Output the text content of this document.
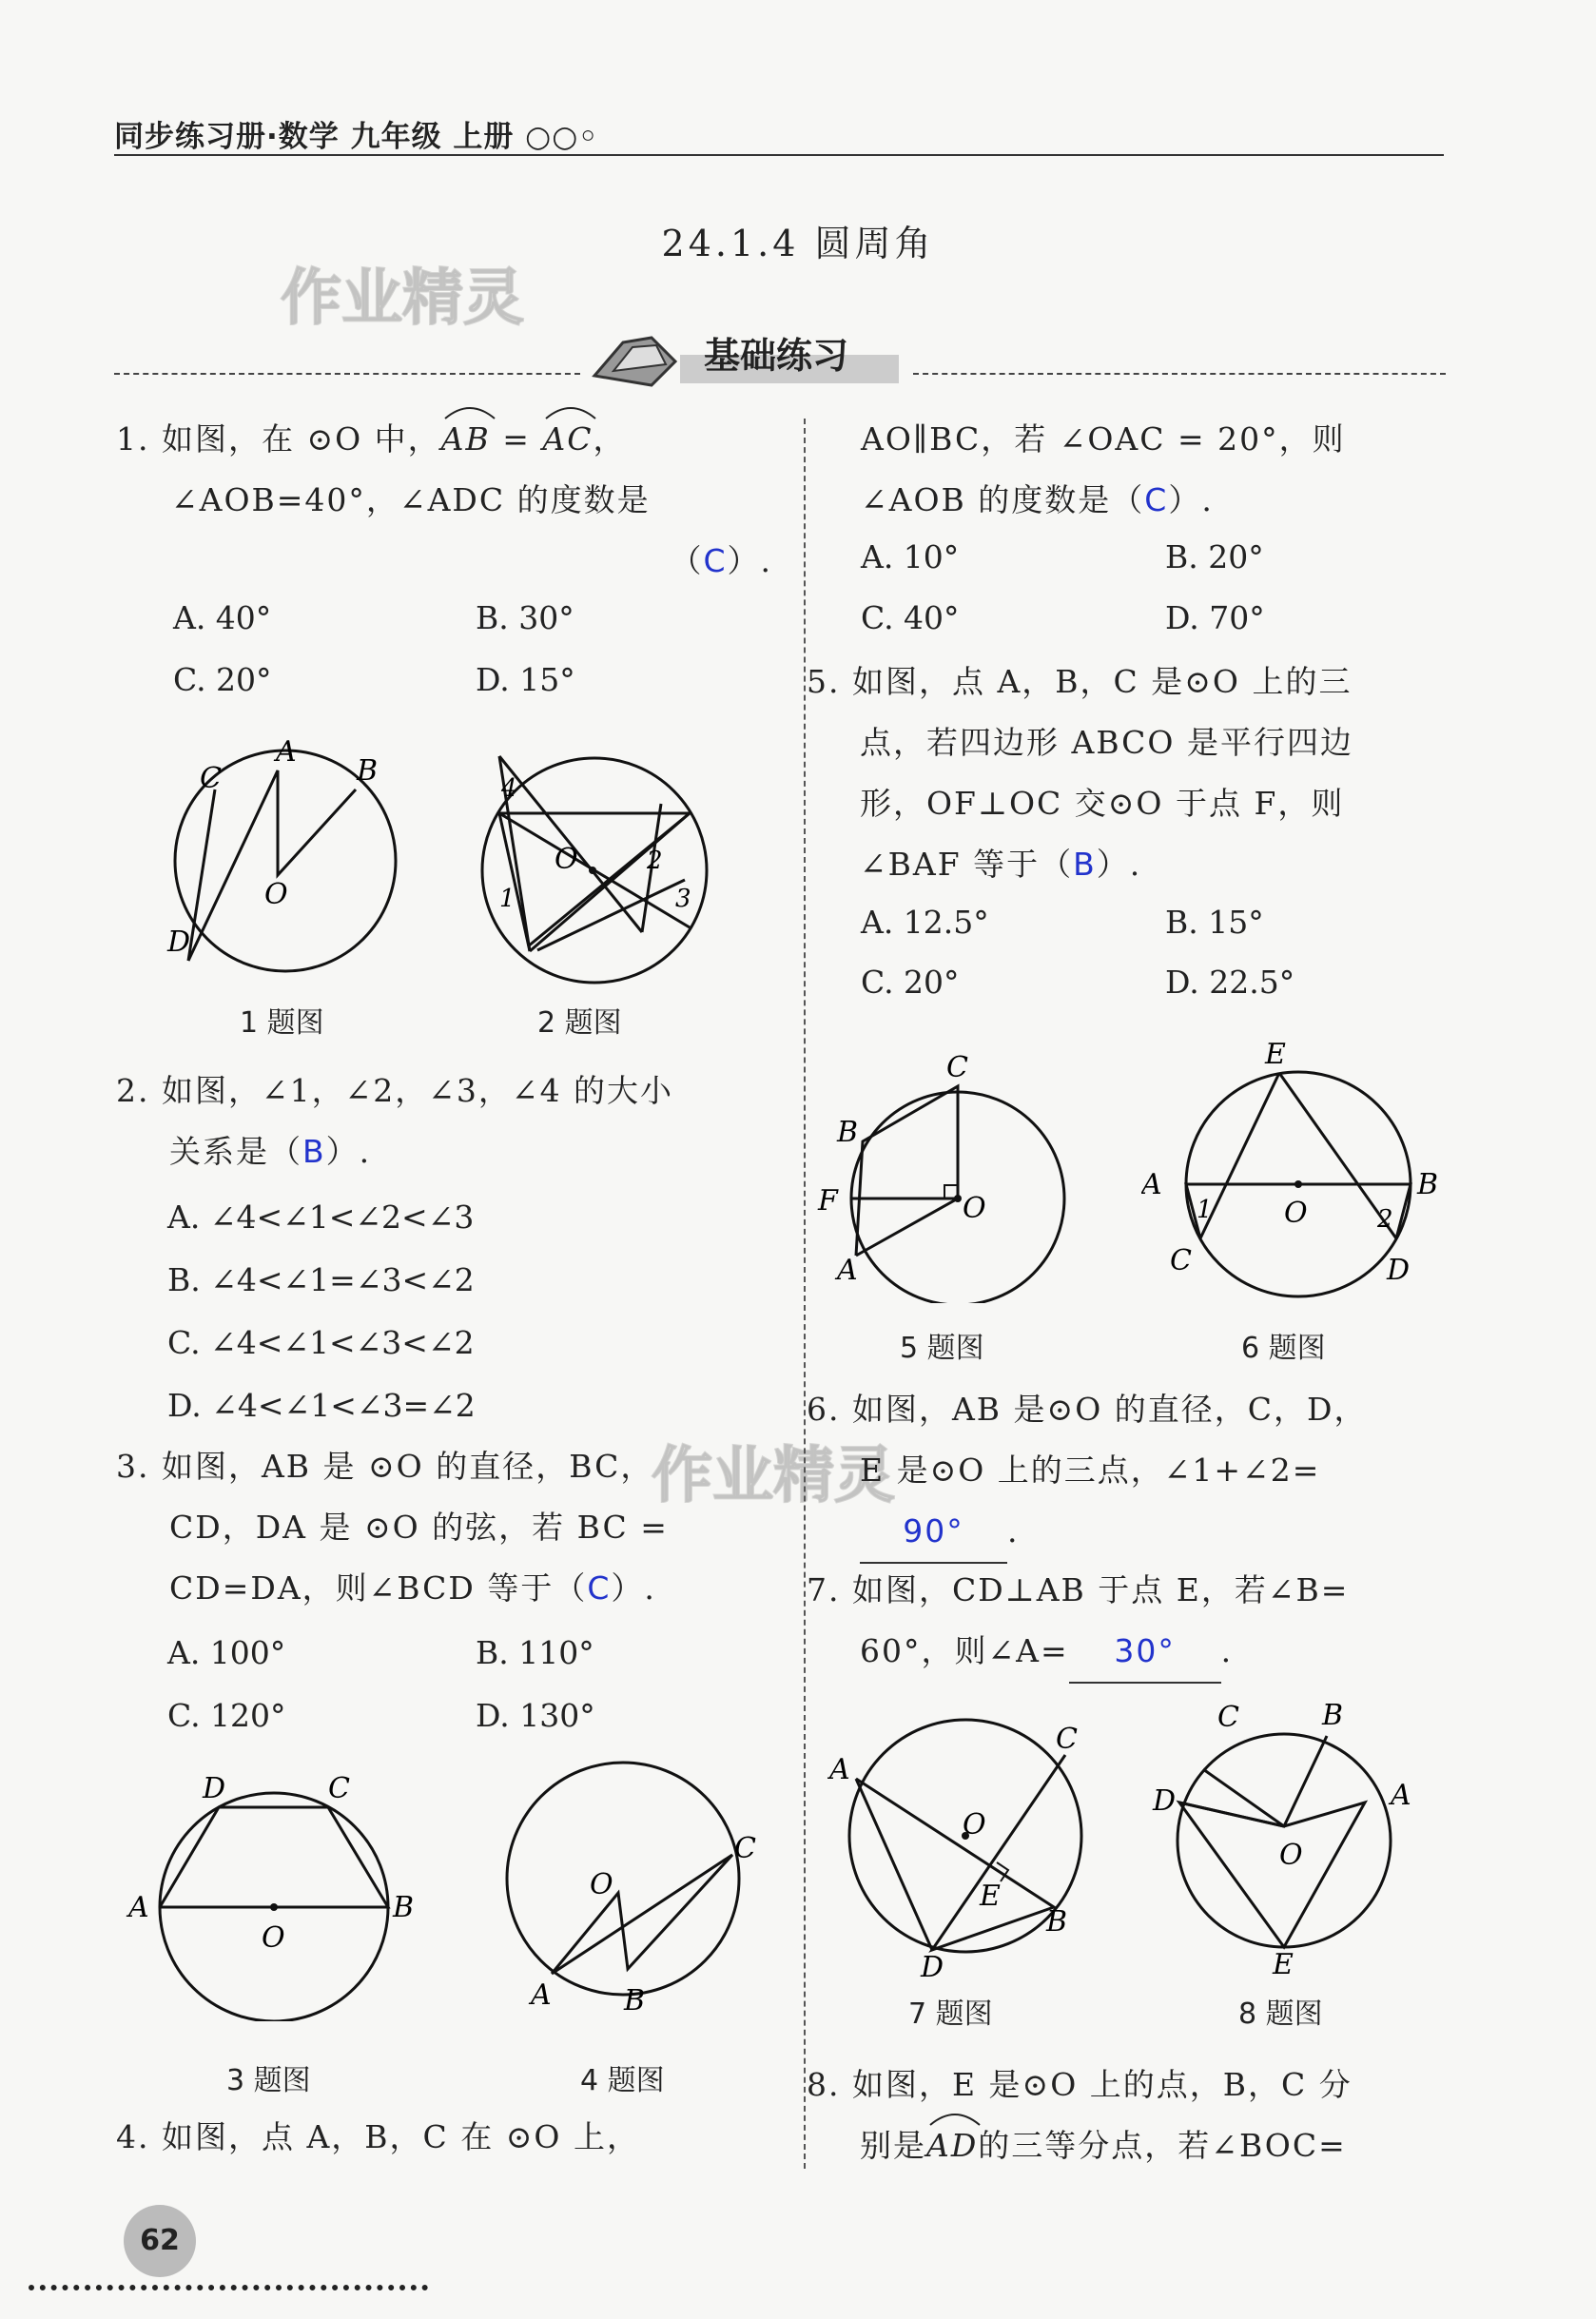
同步练习册·数学 九年级 上册 ○○◦
24.1.4 圆周角
作业精灵
作业精灵
基础练习
1. 如图，在 ⊙O 中，
AB =
AC，
∠AOB=40°，∠ADC 的度数是
（C）.
A. 40°	B. 30°
C. 20°	D. 15°
A
B
C
D
O
1 题图
O
1
2
3
4
2 题图
2. 如图，∠1，∠2，∠3，∠4 的大小
关系是（B）.
A. ∠4<∠1<∠2<∠3
B. ∠4<∠1=∠3<∠2
C. ∠4<∠1<∠3<∠2
D. ∠4<∠1<∠3=∠2
3. 如图，AB 是 ⊙O 的直径，BC，
CD，DA 是 ⊙O 的弦，若 BC =
CD=DA，则∠BCD 等于（C）.
A. 100°	B. 110°
C. 120°	D. 130°
A	B
C
D
O
3 题图
A	B
C
O
4 题图
4. 如图，点 A，B，C 在 ⊙O 上，
AO∥BC，若 ∠OAC = 20°，则
∠AOB 的度数是（C）.
A. 10°	B. 20°
C. 40°	D. 70°
5. 如图，点 A，B，C 是⊙O 上的三
点，若四边形 ABCO 是平行四边
形，OF⊥OC 交⊙O 于点 F，则
∠BAF 等于（B）.
A. 12.5°	B. 15°
C. 20°	D. 22.5°
A
B
C
F	O
5 题图
E
A	B
C	D
O
1	2
6 题图
6. 如图，AB 是⊙O 的直径，C，D，
E 是⊙O 上的三点，∠1+∠2=
90° .
7. 如图，CD⊥AB 于点 E，若∠B=
60°，则∠A= 30° .
A
B
C
D
E
O
7 题图
C	B
D	A
E
O
8 题图
8. 如图，E 是⊙O 上的点，B，C 分
别是
AD的三等分点，若∠BOC=
62
